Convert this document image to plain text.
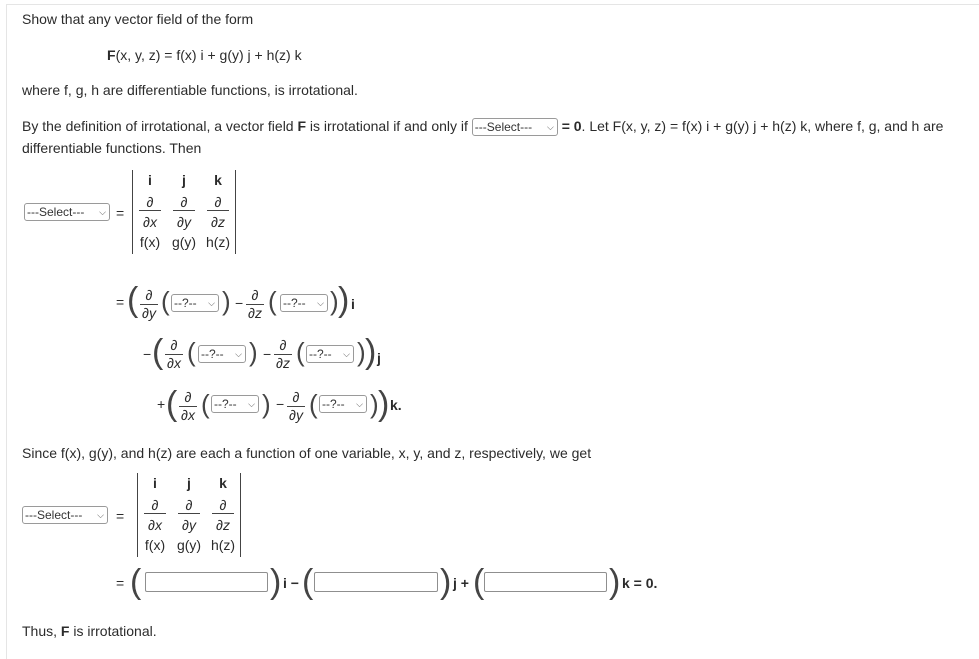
Show that any vector field of the form
F(x, y, z) = f(x) i + g(y) j + h(z) k
where f, g, h are differentiable functions, is irrotational.
By the definition of irrotational, a vector field F is irrotational if and only if ---Select--- ⌵ = 0. Let F(x, y, z) = f(x) i + g(y) j + h(z) k, where f, g, and h are
differentiable functions. Then
---Select--- ⌵ =
i	j	k
∂	∂	∂
∂x	∂y	∂z
f(x) g(y) h(z)
= ( ∂
∂y ( --?-- ⌵ ) − ∂
∂z ( --?-- ⌵ ) ) i
− ( ∂
∂x ( --?-- ⌵ ) −
∂
∂z ( --?-- ⌵ ) ) j
+ ( ∂
∂x ( --?-- ⌵ ) − ∂
∂y ( --?-- ⌵ ) ) k.
Since f(x), g(y), and h(z) are each a function of one variable, x, y, and z, respectively, we get
---Select--- ⌵ =
i	j	k
∂	∂	∂
∂x	∂y	∂z
f(x) g(y) h(z)
= (	) i − (	) j + (	) k = 0.
Thus, F is irrotational.
